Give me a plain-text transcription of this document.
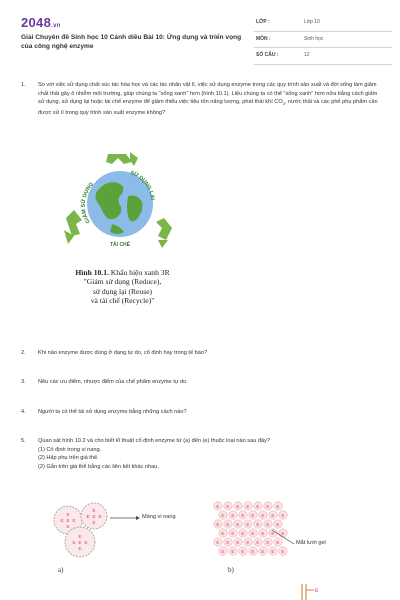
2048.vn
Giải Chuyên đề Sinh học 10 Cánh diều Bài 10: Ứng dụng và triển vọng của công nghệ enzyme
LỚP :	Lớp 10
MÔN :	Sinh học
SỐ CÂU :	12
1. So với việc sử dụng chất xúc tác hóa học và các tác nhân vật lí, việc sử dụng enzyme trong các quy trình sản xuất và đời sống làm giảm chất thải gây ô nhiễm môi trường, giúp chúng ta "sống xanh" hơn (hình 10.1). Liệu chúng ta có thể "sống xanh" hơn nữa bằng cách giảm sử dụng, sử dụng lại hoặc tái chế enzyme để giảm thiểu việc tiêu tốn năng lượng, phát thải khí $CO_2$, nước thải và các phế phụ phẩm cần được xử lí trong quy trình sản xuất enzyme không?
GIẢM SỬ DỤNG
SỬ DỤNG LẠI
TÁI CHẾ
Hình 10.1. Khẩu hiệu xanh 3R
"Giảm sử dụng (Reduce),
sử dụng lại (Reuse)
và tái chế (Recycle)"
2. Khi nào enzyme được dùng ở dạng tự do, cố định hay trong tế bào?
3. Nêu các ưu điểm, nhược điểm của chế phẩm enzyme tự do.
4. Người ta có thể tái sử dụng enzyme bằng những cách nào?
5. Quan sát hình 10.2 và cho biết kĩ thuật cố định enzyme từ (a) đến (e) thuộc loại nào sau đây?
(1) Cố định trong vi nang.
(2) Hấp phụ trên giá thể.
(2) Gắn trên giá thể bằng các liên kết khác nhau.
E
E
E
E
E
E
E
E
E
E
E
E
E
E
E
Màng vi nang
a)
E E E E E E E
E E E E E E E
E E E E E E E
E E E E E E E
E E E E E E E
E E E E E E E
Mắt lưới gel
b)
E
